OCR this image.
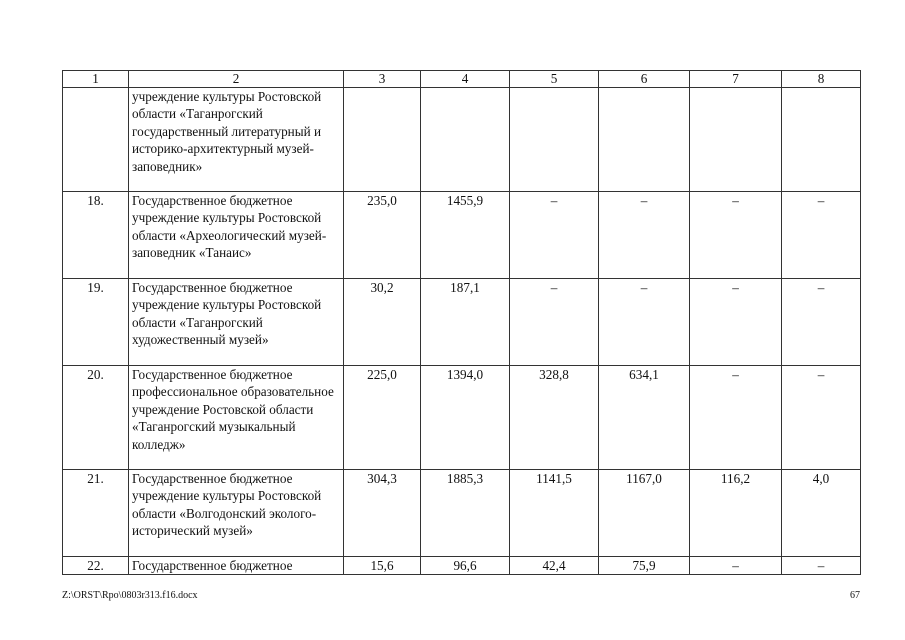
1	2	3	4	5	6	7	8
	учреждение культуры Ростовской области «Таганрогский государственный литературный и историко-архитектурный музей-заповедник»						
18.	Государственное бюджетное учреждение культуры Ростовской области «Археологический музей-заповедник «Танаис»	235,0	1455,9	–	–	–	–
19.	Государственное бюджетное учреждение культуры Ростовской области «Таганрогский художественный музей»	30,2	187,1	–	–	–	–
20.	Государственное бюджетное профессиональное образовательное учреждение Ростовской области «Таганрогский музыкальный колледж»	225,0	1394,0	328,8	634,1	–	–
21.	Государственное бюджетное учреждение культуры Ростовской области «Волгодонский эколого-исторический музей»	304,3	1885,3	1141,5	1167,0	116,2	4,0
22.	Государственное бюджетное	15,6	96,6	42,4	75,9	–	–
Z:\ORST\Rpo\0803r313.f16.docx	67
